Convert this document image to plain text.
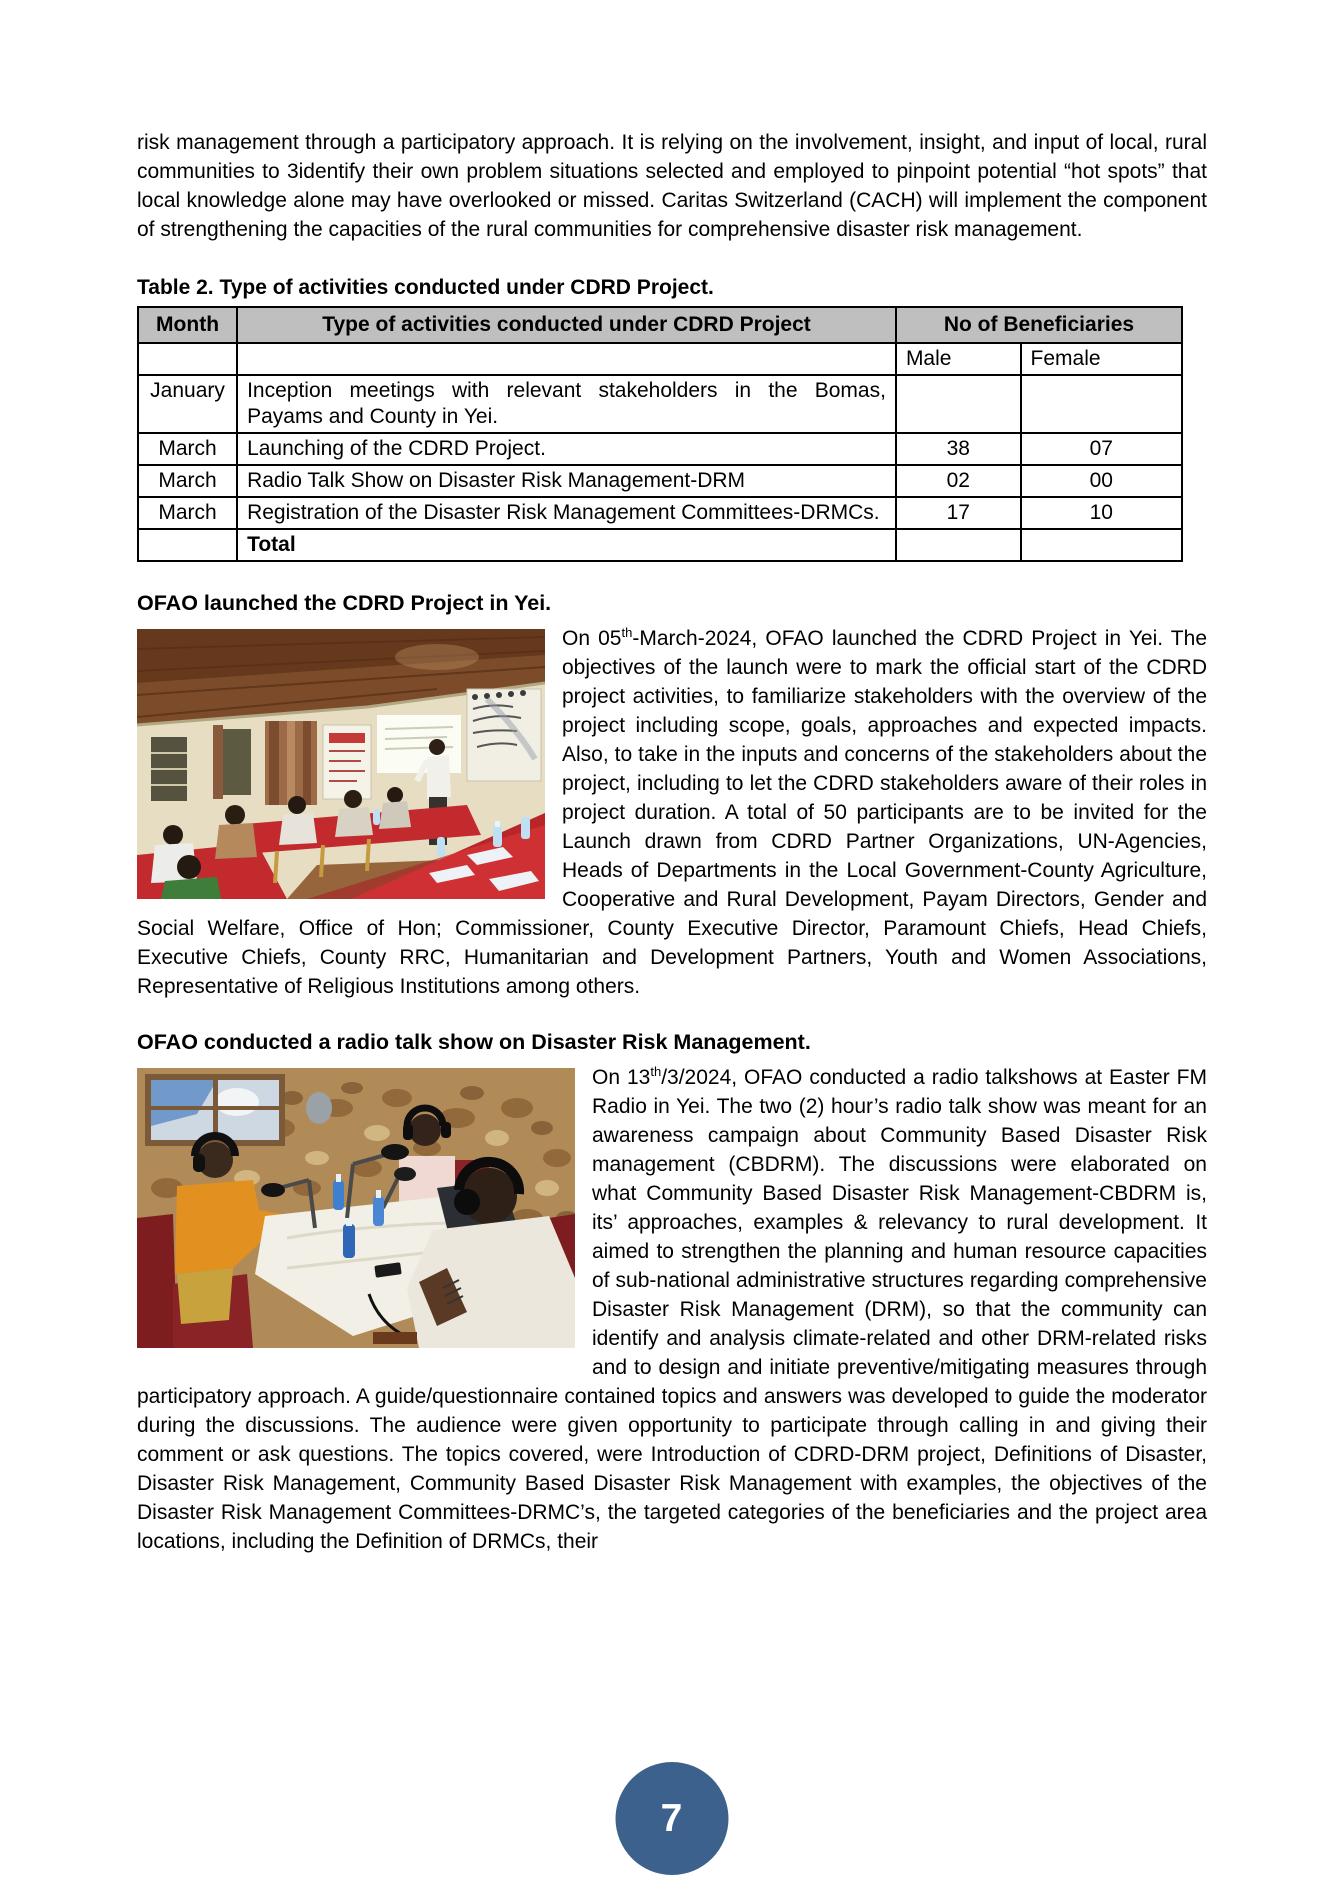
risk management through a participatory approach. It is relying on the involvement, insight, and input of local, rural communities to 3identify their own problem situations selected and employed to pinpoint potential “hot spots” that local knowledge alone may have overlooked or missed. Caritas Switzerland (CACH) will implement the component of strengthening the capacities of the rural communities for comprehensive disaster risk management.

Table 2. Type of activities conducted under CDRD Project.
Month	Type of activities conducted under CDRD Project	No of Beneficiaries	
		Male	Female
January	Inception meetings with relevant stakeholders in the Bomas, Payams and County in Yei.		
March	Launching of the CDRD Project.	38	07
March	Radio Talk Show on Disaster Risk Management-DRM	02	00
March	Registration of the Disaster Risk Management Committees-DRMCs.	17	10
	Total		
OFAO launched the CDRD Project in Yei.

On 05th-March-2024, OFAO launched the CDRD Project in Yei. The objectives of the launch were to mark the official start of the CDRD project activities, to familiarize stakeholders with the overview of the project including scope, goals, approaches and expected impacts. Also, to take in the inputs and concerns of the stakeholders about the project, including to let the CDRD stakeholders aware of their roles in project duration. A total of 50 participants are to be invited for the Launch drawn from CDRD Partner Organizations, UN-Agencies, Heads of Departments in the Local Government-County Agriculture, Cooperative and Rural Development, Payam Directors, Gender and Social Welfare, Office of Hon; Commissioner, County Executive Director, Paramount Chiefs, Head Chiefs, Executive Chiefs, County RRC, Humanitarian and Development Partners, Youth and Women Associations, Representative of Religious Institutions among others.

OFAO conducted a radio talk show on Disaster Risk Management.

On 13th/3/2024, OFAO conducted a radio talkshows at Easter FM Radio in Yei. The two (2) hour’s radio talk show was meant for an awareness campaign about Community Based Disaster Risk management (CBDRM). The discussions were elaborated on what Community Based Disaster Risk Management-CBDRM is, its’ approaches, examples & relevancy to rural development. It aimed to strengthen the planning and human resource capacities of sub-national administrative structures regarding comprehensive Disaster Risk Management (DRM), so that the community can identify and analysis climate-related and other DRM-related risks and to design and initiate preventive/mitigating measures through participatory approach. A guide/questionnaire contained topics and answers was developed to guide the moderator during the discussions. The audience were given opportunity to participate through calling in and giving their comment or ask questions. The topics covered, were Introduction of CDRD-DRM project, Definitions of Disaster, Disaster Risk Management, Community Based Disaster Risk Management with examples, the objectives of the Disaster Risk Management Committees-DRMC’s, the targeted categories of the beneficiaries and the project area locations, including the Definition of DRMCs, their

7
